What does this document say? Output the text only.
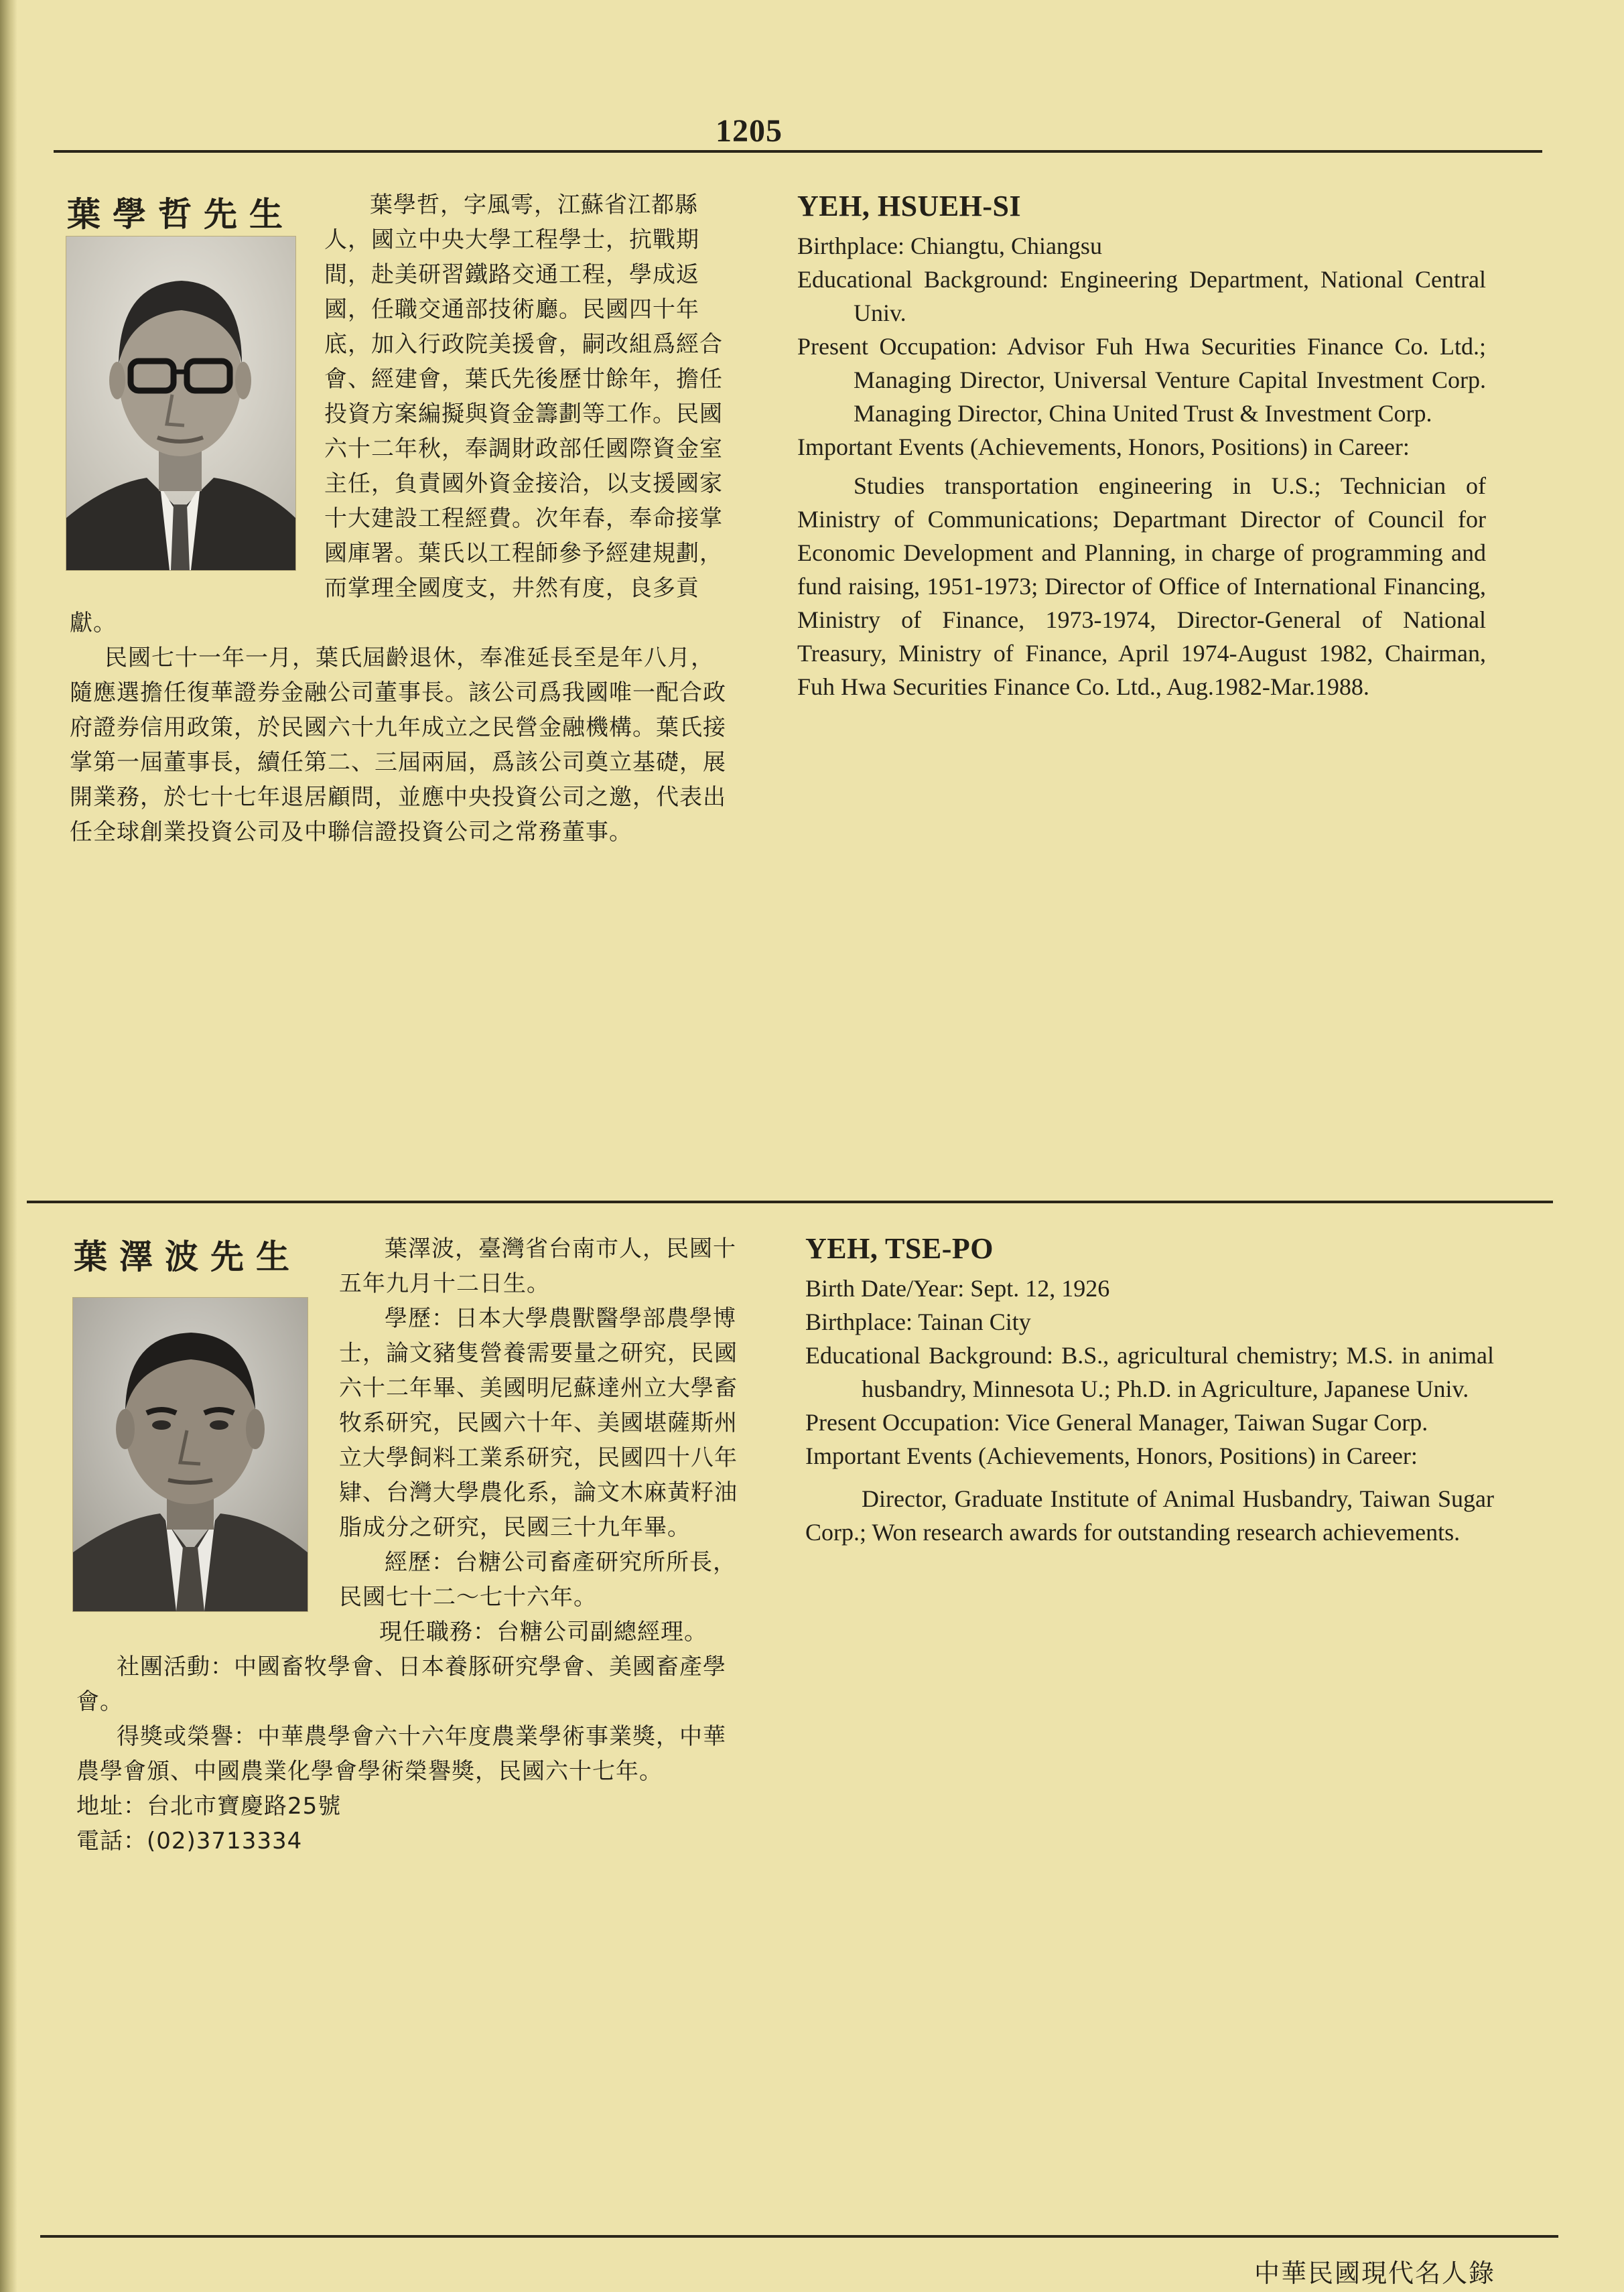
1205
葉學哲先生	葉學哲，字風雩，江蘇省江都縣人，國立中央大學工程學士，抗戰期間，赴美研習鐵路交通工程，學成返國，任職交通部技術廳。民國四十年底，加入行政院美援會，嗣改組爲經合會、經建會，葉氏先後歷廿餘年，擔任投資方案編擬與資金籌劃等工作。民國六十二年秋，奉調財政部任國際資金室主任，負責國外資金接洽，以支援國家十大建設工程經費。次年春，奉命接掌國庫署。葉氏以工程師參予經建規劃，而掌理全國度支，井然有度，良多貢獻。

民國七十一年一月，葉氏屆齡退休，奉准延長至是年八月，隨應選擔任復華證券金融公司董事長。該公司爲我國唯一配合政府證券信用政策，於民國六十九年成立之民營金融機構。葉氏接掌第一屆董事長，續任第二、三屆兩屆，爲該公司奠立基礎，展開業務，於七十七年退居顧問，並應中央投資公司之邀，代表出任全球創業投資公司及中聯信證投資公司之常務董事。

YEH, HSUEH-SI
Birthplace: Chiangtu, Chiangsu
Educational Background: Engineering Department, National Central Univ.
Present Occupation: Advisor Fuh Hwa Securities Finance Co. Ltd.; Managing Director, Universal Venture Capital Investment Corp. Managing Director, China United Trust & Investment Corp.
Important Events (Achievements, Honors, Positions) in Career:
Studies transportation engineering in U.S.; Technician of Ministry of Communications; Departmant Director of Council for Economic Development and Planning, in charge of programming and fund raising, 1951-1973; Director of Office of International Financing, Ministry of Finance, 1973-1974, Director-General of National Treasury, Ministry of Finance, April 1974-August 1982, Chairman, Fuh Hwa Securities Finance Co. Ltd., Aug.1982-Mar.1988.
葉澤波先生	葉澤波，臺灣省台南市人，民國十五年九月十二日生。

學歷：日本大學農獸醫學部農學博士，論文豬隻營養需要量之研究，民國六十二年畢、美國明尼蘇達州立大學畜牧系研究，民國六十年、美國堪薩斯州立大學飼料工業系研究，民國四十八年肄、台灣大學農化系，論文木麻黃籽油脂成分之研究，民國三十九年畢。

經歷：台糖公司畜產研究所所長，民國七十二～七十六年。

現任職務：台糖公司副總經理。

社團活動：中國畜牧學會、日本養豚研究學會、美國畜產學會。

得獎或榮譽：中華農學會六十六年度農業學術事業獎，中華農學會頒、中國農業化學會學術榮譽獎，民國六十七年。

地址：台北市寶慶路25號

電話：(02)3713334

YEH, TSE-PO
Birth Date/Year: Sept. 12, 1926
Birthplace: Tainan City
Educational Background: B.S., agricultural chemistry; M.S. in animal husbandry, Minnesota U.; Ph.D. in Agriculture, Japanese Univ.
Present Occupation: Vice General Manager, Taiwan Sugar Corp.
Important Events (Achievements, Honors, Positions) in Career:
Director, Graduate Institute of Animal Husbandry, Taiwan Sugar Corp.; Won research awards for outstanding research achievements.
中華民國現代名人錄
